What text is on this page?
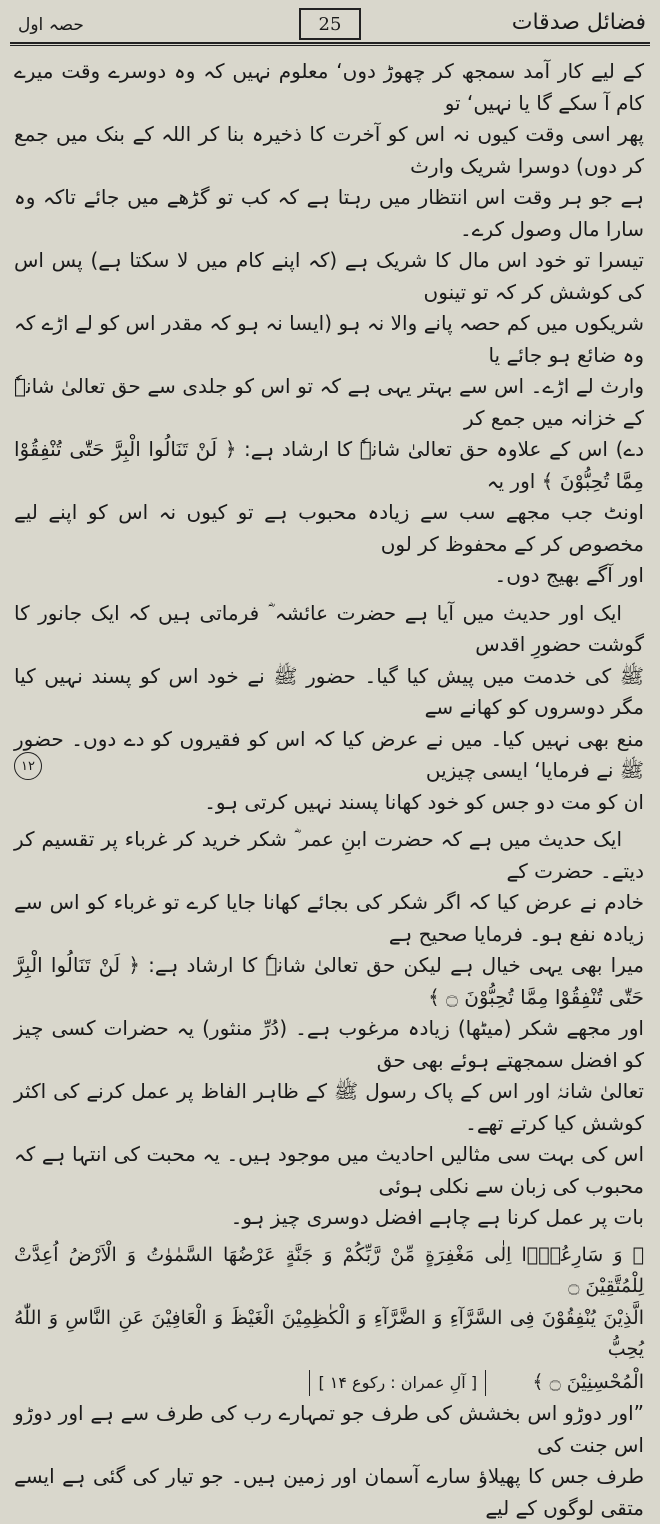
حصہ اول	25	فضائل صدقات

کے لیے کار آمد سمجھ کر چھوڑ دوں‘ معلوم نہیں کہ وہ دوسرے وقت میرے کام آ سکے گا یا نہیں‘ تو

پھر اسی وقت کیوں نہ اس کو آخرت کا ذخیرہ بنا کر اللہ کے بنک میں جمع کر دوں) دوسرا شریک وارث

ہے جو ہر وقت اس انتظار میں رہتا ہے کہ کب تو گڑھے میں جائے تاکہ وہ سارا مال وصول کرے۔

تیسرا تو خود اس مال کا شریک ہے (کہ اپنے کام میں لا سکتا ہے) پس اس کی کوشش کر کہ تو تینوں

شریکوں میں کم حصہ پانے والا نہ ہو (ایسا نہ ہو کہ مقدر اس کو لے اڑے کہ وہ ضائع ہو جائے یا

وارث لے اڑے۔ اس سے بہتر یہی ہے کہ تو اس کو جلدی سے حق تعالیٰ شانہٗ کے خزانہ میں جمع کر

دے) اس کے علاوہ حق تعالیٰ شانہٗ کا ارشاد ہے: ﴿ لَنْ تَنَالُوا الْبِرَّ حَتّٰی تُنْفِقُوْا مِمَّا تُحِبُّوْنَ ﴾ اور یہ

اونٹ جب مجھے سب سے زیادہ محبوب ہے تو کیوں نہ اس کو اپنے لیے مخصوص کر کے محفوظ کر لوں

اور آگے بھیج دوں۔

ایک اور حدیث میں آیا ہے حضرت عائشہ ؓ فرماتی ہیں کہ ایک جانور کا گوشت حضورِ اقدس

ﷺ کی خدمت میں پیش کیا گیا۔ حضور ﷺ نے خود اس کو پسند نہیں کیا مگر دوسروں کو کھانے سے

منع بھی نہیں کیا۔ میں نے عرض کیا کہ اس کو فقیروں کو دے دوں۔ حضور ﷺ نے فرمایا‘ ایسی چیزیں

ان کو مت دو جس کو خود کھانا پسند نہیں کرتی ہو۔

ایک حدیث میں ہے کہ حضرت ابنِ عمر ؓ شکر خرید کر غرباء پر تقسیم کر دیتے۔ حضرت کے

خادم نے عرض کیا کہ اگر شکر کی بجائے کھانا جایا کرے تو غرباء کو اس سے زیادہ نفع ہو۔ فرمایا صحیح ہے

میرا بھی یہی خیال ہے لیکن حق تعالیٰ شانہٗ کا ارشاد ہے: ﴿ لَنْ تَنَالُوا الْبِرَّ حَتّٰی تُنْفِقُوْا مِمَّا تُحِبُّوْنَ ۝ ﴾

اور مجھے شکر (میٹھا) زیادہ مرغوب ہے۔ (دُرِّ منثور) یہ حضرات کسی چیز کو افضل سمجھتے ہوئے بھی حق

تعالیٰ شانہٗ اور اس کے پاک رسول ﷺ کے ظاہر الفاظ پر عمل کرنے کی اکثر کوشش کیا کرتے تھے۔

اس کی بہت سی مثالیں احادیث میں موجود ہیں۔ یہ محبت کی انتہا ہے کہ محبوب کی زبان سے نکلی ہوئی

بات پر عمل کرنا ہے چاہے افضل دوسری چیز ہو۔

﴿ وَ سَارِعُوْۤا اِلٰی مَغْفِرَةٍ مِّنْ رَّبِّكُمْ وَ جَنَّةٍ عَرْضُهَا السَّمٰوٰتُ وَ الْاَرْضُ اُعِدَّتْ لِلْمُتَّقِیْنَ ۝

الَّذِیْنَ یُنْفِقُوْنَ فِی السَّرَّآءِ وَ الضَّرَّآءِ وَ الْكٰظِمِیْنَ الْغَیْظَ وَ الْعَافِیْنَ عَنِ النَّاسِ وَ اللّٰهُ یُحِبُّ

الْمُحْسِنِیْنَ ۝ ﴾ [ آلِ عمران : رکوع ۱۴ ]

”اور دوڑو اس بخشش کی طرف جو تمہارے رب کی طرف سے ہے اور دوڑو اس جنت کی

طرف جس کا پھیلاؤ سارے آسمان اور زمین ہیں۔ جو تیار کی گئی ہے ایسے متقی لوگوں کے لیے

۱۲
